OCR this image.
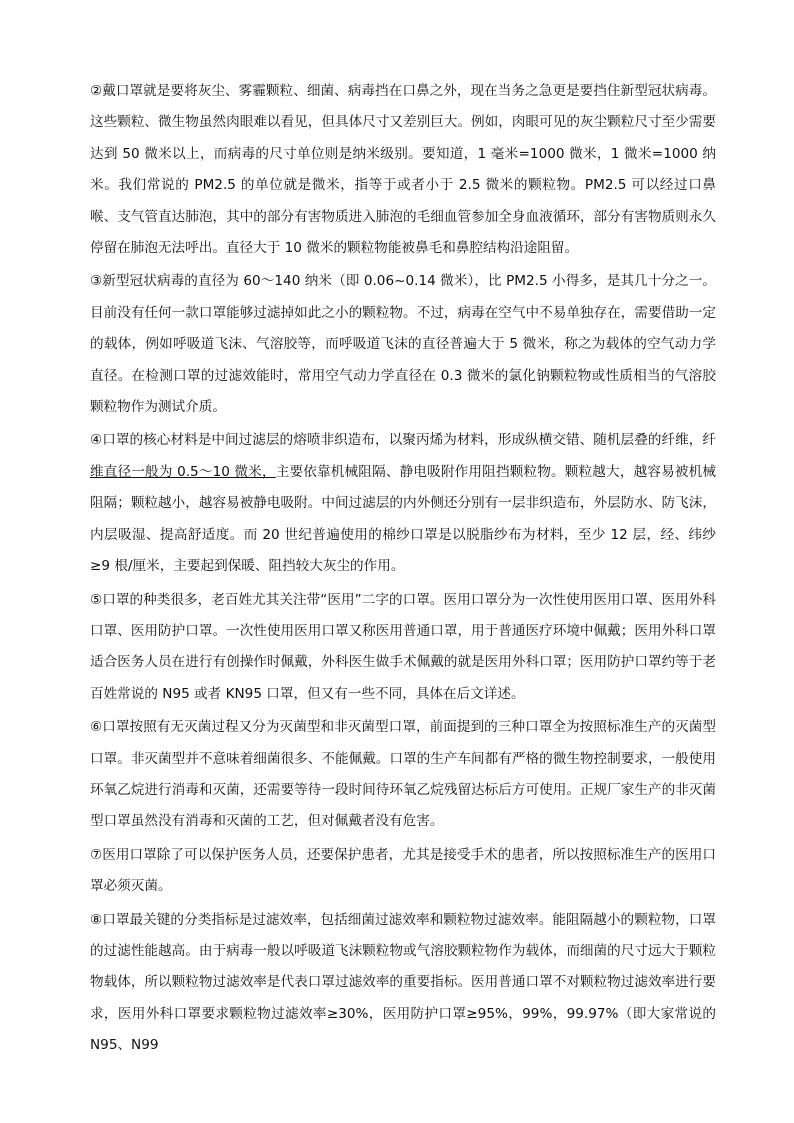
②戴口罩就是要将灰尘、雾霾颗粒、细菌、病毒挡在口鼻之外，现在当务之急更是要挡住新型冠状病毒。这些颗粒、微生物虽然肉眼难以看见，但具体尺寸又差别巨大。例如，肉眼可见的灰尘颗粒尺寸至少需要达到 50 微米以上，而病毒的尺寸单位则是纳米级别。要知道，1 毫米=1000 微米，1 微米=1000 纳米。我们常说的 PM2.5 的单位就是微米，指等于或者小于 2.5 微米的颗粒物。PM2.5 可以经过口鼻喉、支气管直达肺泡，其中的部分有害物质进入肺泡的毛细血管参加全身血液循环，部分有害物质则永久停留在肺泡无法呼出。直径大于 10 微米的颗粒物能被鼻毛和鼻腔结构沿途阻留。

③新型冠状病毒的直径为 60～140 纳米（即 0.06~0.14 微米），比 PM2.5 小得多，是其几十分之一。目前没有任何一款口罩能够过滤掉如此之小的颗粒物。不过，病毒在空气中不易单独存在，需要借助一定的载体，例如呼吸道飞沫、气溶胶等，而呼吸道飞沫的直径普遍大于 5 微米，称之为载体的空气动力学直径。在检测口罩的过滤效能时，常用空气动力学直径在 0.3 微米的氯化钠颗粒物或性质相当的气溶胶颗粒物作为测试介质。

④口罩的核心材料是中间过滤层的熔喷非织造布，以聚丙烯为材料，形成纵横交错、随机层叠的纤维，纤维直径一般为 0.5～10 微米，主要依靠机械阻隔、静电吸附作用阻挡颗粒物。颗粒越大，越容易被机械阻隔；颗粒越小，越容易被静电吸附。中间过滤层的内外侧还分别有一层非织造布，外层防水、防飞沫，内层吸湿、提高舒适度。而 20 世纪普遍使用的棉纱口罩是以脱脂纱布为材料，至少 12 层，经、纬纱≥9 根/厘米，主要起到保暖、阻挡较大灰尘的作用。

⑤口罩的种类很多，老百姓尤其关注带“医用”二字的口罩。医用口罩分为一次性使用医用口罩、医用外科口罩、医用防护口罩。一次性使用医用口罩又称医用普通口罩，用于普通医疗环境中佩戴；医用外科口罩适合医务人员在进行有创操作时佩戴，外科医生做手术佩戴的就是医用外科口罩；医用防护口罩约等于老百姓常说的 N95 或者 KN95 口罩，但又有一些不同，具体在后文详述。

⑥口罩按照有无灭菌过程又分为灭菌型和非灭菌型口罩，前面提到的三种口罩全为按照标准生产的灭菌型口罩。非灭菌型并不意味着细菌很多、不能佩戴。口罩的生产车间都有严格的微生物控制要求，一般使用环氧乙烷进行消毒和灭菌，还需要等待一段时间待环氧乙烷残留达标后方可使用。正规厂家生产的非灭菌型口罩虽然没有消毒和灭菌的工艺，但对佩戴者没有危害。

⑦医用口罩除了可以保护医务人员，还要保护患者，尤其是接受手术的患者，所以按照标准生产的医用口罩必须灭菌。

⑧口罩最关键的分类指标是过滤效率，包括细菌过滤效率和颗粒物过滤效率。能阻隔越小的颗粒物，口罩的过滤性能越高。由于病毒一般以呼吸道飞沫颗粒物或气溶胶颗粒物作为载体，而细菌的尺寸远大于颗粒物载体，所以颗粒物过滤效率是代表口罩过滤效率的重要指标。医用普通口罩不对颗粒物过滤效率进行要求，医用外科口罩要求颗粒物过滤效率≥30%，医用防护口罩≥95%，99%，99.97%（即大家常说的 N95、N99
